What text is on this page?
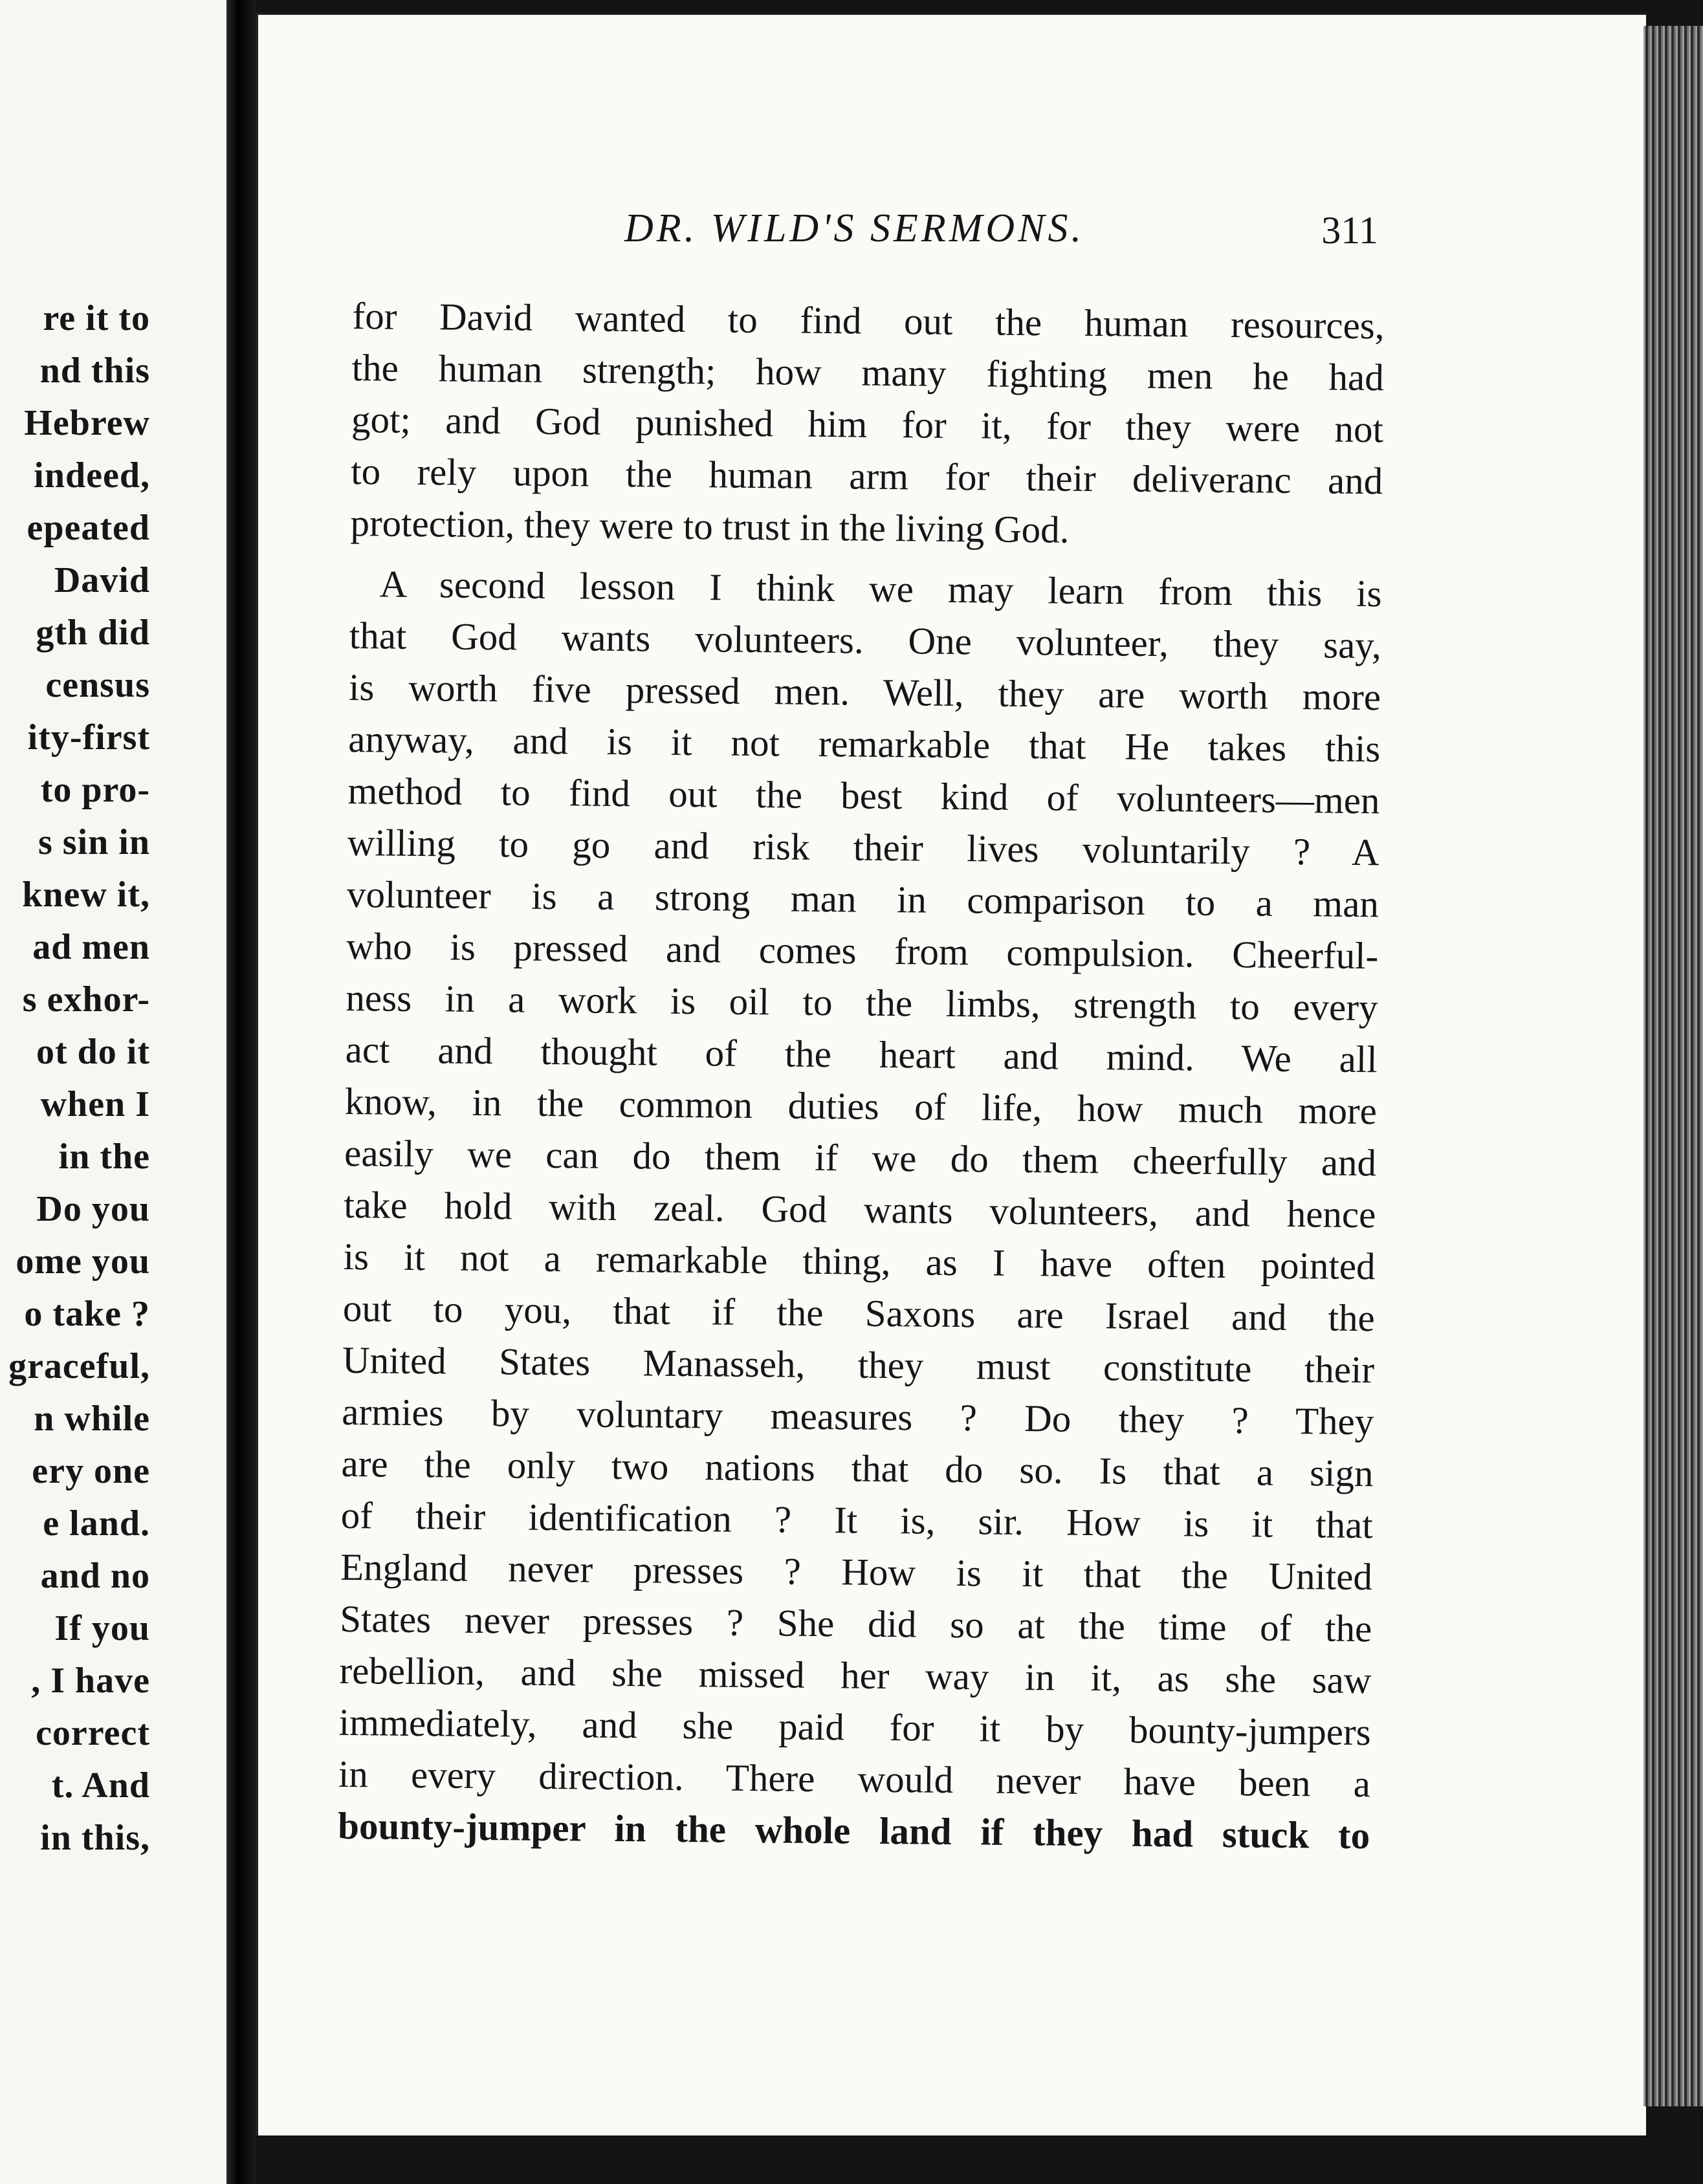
re it to
nd this
Hebrew
indeed,
epeated
David
gth did
census
ity-first
to pro-
s sin in
knew it,
ad men
s exhor-
ot do it
when I
in the
Do you
ome you
o take ?
graceful,
n while
ery one
e land.
and no
If you
, I have
correct
t. And
in this,
DR. WILD'S SERMONS.	311
for David wanted to find out the human resources,
the human strength; how many fighting men he had
got; and God punished him for it, for they were not
to rely upon the human arm for their deliveranc and
protection, they were to trust in the living God.
A second lesson I think we may learn from this is
that God wants volunteers. One volunteer, they say,
is worth five pressed men. Well, they are worth more
anyway, and is it not remarkable that He takes this
method to find out the best kind of volunteers—men
willing to go and risk their lives voluntarily ? A
volunteer is a strong man in comparison to a man
who is pressed and comes from compulsion. Cheerful-
ness in a work is oil to the limbs, strength to every
act and thought of the heart and mind. We all
know, in the common duties of life, how much more
easily we can do them if we do them cheerfully and
take hold with zeal. God wants volunteers, and hence
is it not a remarkable thing, as I have often pointed
out to you, that if the Saxons are Israel and the
United States Manasseh, they must constitute their
armies by voluntary measures ? Do they ? They
are the only two nations that do so. Is that a sign
of their identification ? It is, sir. How is it that
England never presses ? How is it that the United
States never presses ? She did so at the time of the
rebellion, and she missed her way in it, as she saw
immediately, and she paid for it by bounty-jumpers
in every direction. There would never have been a
bounty-jumper in the whole land if they had stuck to
